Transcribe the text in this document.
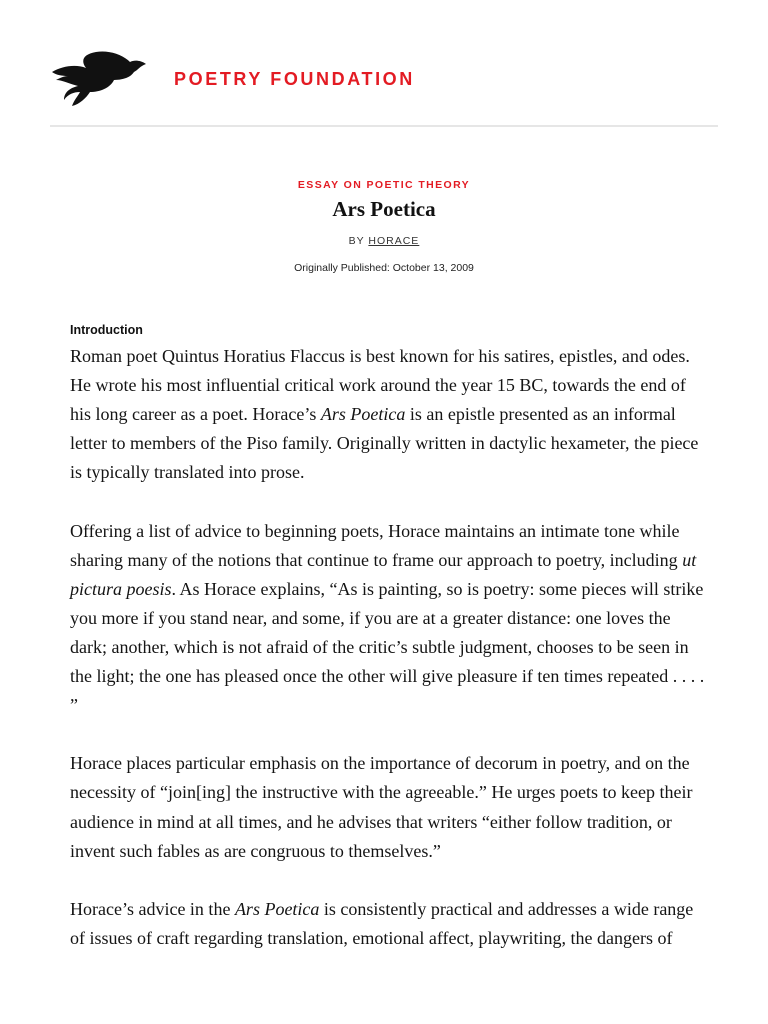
POETRY FOUNDATION
ESSAY ON POETIC THEORY
Ars Poetica
BY HORACE
Originally Published: October 13, 2009
Introduction

Roman poet Quintus Horatius Flaccus is best known for his satires, epistles, and odes. He wrote his most influential critical work around the year 15 BC, towards the end of his long career as a poet. Horace’s Ars Poetica is an epistle presented as an informal letter to members of the Piso family. Originally written in dactylic hexameter, the piece is typically translated into prose.

Offering a list of advice to beginning poets, Horace maintains an intimate tone while sharing many of the notions that continue to frame our approach to poetry, including ut pictura poesis. As Horace explains, “As is painting, so is poetry: some pieces will strike you more if you stand near, and some, if you are at a greater distance: one loves the dark; another, which is not afraid of the critic’s subtle judgment, chooses to be seen in the light; the one has pleased once the other will give pleasure if ten times repeated . . . . ”

Horace places particular emphasis on the importance of decorum in poetry, and on the necessity of “join[ing] the instructive with the agreeable.” He urges poets to keep their audience in mind at all times, and he advises that writers “either follow tradition, or invent such fables as are congruous to themselves.”

Horace’s advice in the Ars Poetica is consistently practical and addresses a wide range of issues of craft regarding translation, emotional affect, playwriting, the dangers of
